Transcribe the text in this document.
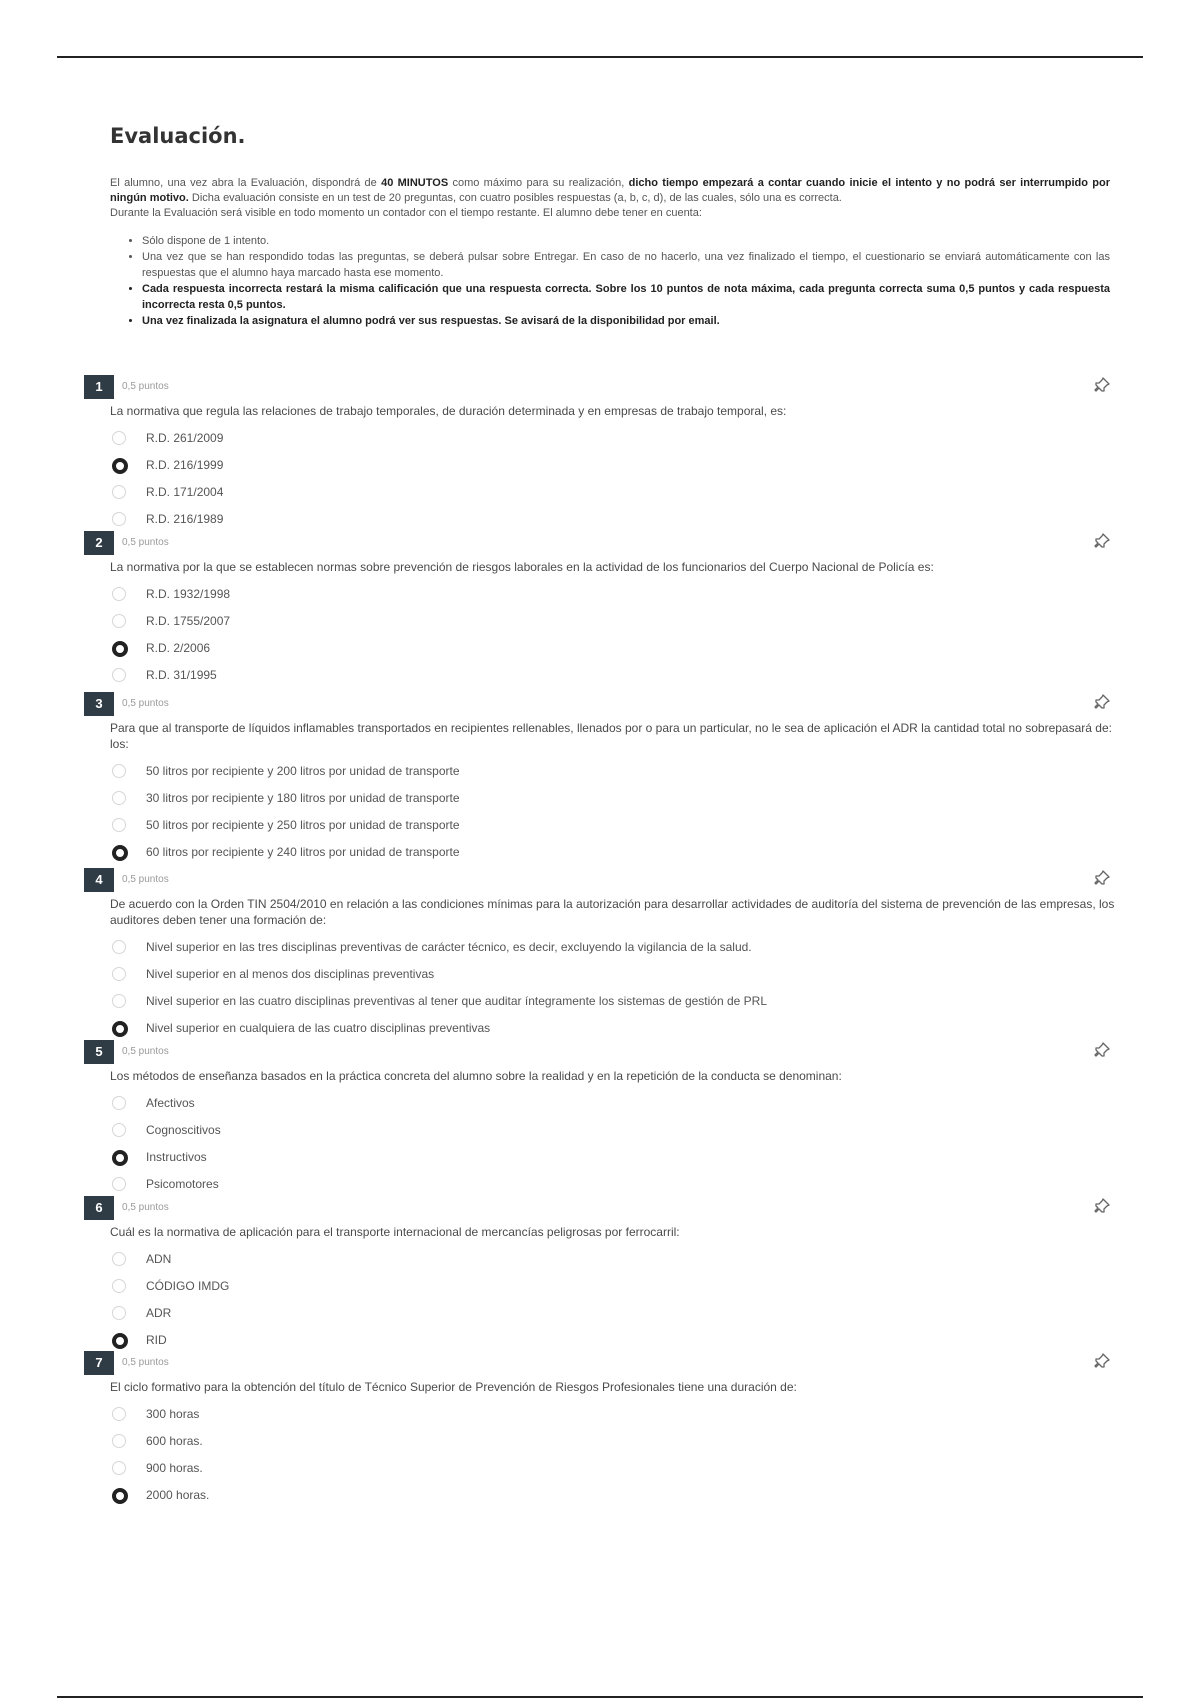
Evaluación.

El alumno, una vez abra la Evaluación, dispondrá de 40 MINUTOS como máximo para su realización, dicho tiempo empezará a contar cuando inicie el intento y no podrá ser interrumpido por ningún motivo. Dicha evaluación consiste en un test de 20 preguntas, con cuatro posibles respuestas (a, b, c, d), de las cuales, sólo una es correcta.

Durante la Evaluación será visible en todo momento un contador con el tiempo restante. El alumno debe tener en cuenta:

• Sólo dispone de 1 intento.
• Una vez que se han respondido todas las preguntas, se deberá pulsar sobre Entregar. En caso de no hacerlo, una vez finalizado el tiempo, el cuestionario se enviará automáticamente con las respuestas que el alumno haya marcado hasta ese momento.
• Cada respuesta incorrecta restará la misma calificación que una respuesta correcta. Sobre los 10 puntos de nota máxima, cada pregunta correcta suma 0,5 puntos y cada respuesta incorrecta resta 0,5 puntos.
• Una vez finalizada la asignatura el alumno podrá ver sus respuestas. Se avisará de la disponibilidad por email.
1	0,5 puntos
La normativa que regula las relaciones de trabajo temporales, de duración determinada y en empresas de trabajo temporal, es:
R.D. 261/2009
R.D. 216/1999
R.D. 171/2004
R.D. 216/1989
2	0,5 puntos
La normativa por la que se establecen normas sobre prevención de riesgos laborales en la actividad de los funcionarios del Cuerpo Nacional de Policía es:
R.D. 1932/1998
R.D. 1755/2007
R.D. 2/2006
R.D. 31/1995
3	0,5 puntos
Para que al transporte de líquidos inflamables transportados en recipientes rellenables, llenados por o para un particular, no le sea de aplicación el ADR la cantidad total no sobrepasará de: los:
50 litros por recipiente y 200 litros por unidad de transporte
30 litros por recipiente y 180 litros por unidad de transporte
50 litros por recipiente y 250 litros por unidad de transporte
60 litros por recipiente y 240 litros por unidad de transporte
4	0,5 puntos
De acuerdo con la Orden TIN 2504/2010 en relación a las condiciones mínimas para la autorización para desarrollar actividades de auditoría del sistema de prevención de las empresas, los auditores deben tener una formación de:
Nivel superior en las tres disciplinas preventivas de carácter técnico, es decir, excluyendo la vigilancia de la salud.
Nivel superior en al menos dos disciplinas preventivas
Nivel superior en las cuatro disciplinas preventivas al tener que auditar íntegramente los sistemas de gestión de PRL
Nivel superior en cualquiera de las cuatro disciplinas preventivas
5	0,5 puntos
Los métodos de enseñanza basados en la práctica concreta del alumno sobre la realidad y en la repetición de la conducta se denominan:
Afectivos
Cognoscitivos
Instructivos
Psicomotores
6	0,5 puntos
Cuál es la normativa de aplicación para el transporte internacional de mercancías peligrosas por ferrocarril:
ADN
CÓDIGO IMDG
ADR
RID
7	0,5 puntos
El ciclo formativo para la obtención del título de Técnico Superior de Prevención de Riesgos Profesionales tiene una duración de:
300 horas
600 horas.
900 horas.
2000 horas.
